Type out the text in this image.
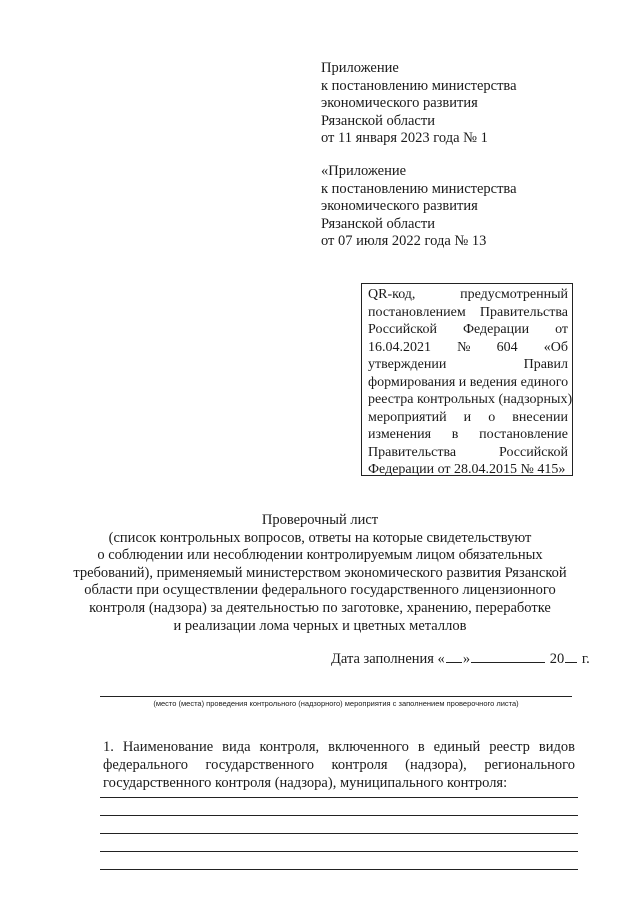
Приложение
к постановлению министерства
экономического развития
Рязанской области
от 11 января 2023 года № 1
«Приложение
к постановлению министерства
экономического развития
Рязанской области
от 07 июля 2022 года № 13
QR-код,	предусмотренный
постановлением Правительства
Российской Федерации от
16.04.2021 № 604 «Об
утверждении	Правил
формирования и ведения единого
реестра контрольных (надзорных)
мероприятий и о внесении
изменения в постановление
Правительства	Российской
Федерации от 28.04.2015 № 415»
Проверочный лист
(список контрольных вопросов, ответы на которые свидетельствуют
о соблюдении или несоблюдении контролируемым лицом обязательных
требований), применяемый министерством экономического развития Рязанской
области при осуществлении федерального государственного лицензионного
контроля (надзора) за деятельностью по заготовке, хранению, переработке
и реализации лома черных и цветных металлов
Дата заполнения « »	20 г.
(место (места) проведения контрольного (надзорного) мероприятия с заполнением проверочного листа)
1. Наименование вида контроля, включенного в единый реестр видов
федерального государственного контроля (надзора), регионального
государственного контроля (надзора), муниципального контроля:
